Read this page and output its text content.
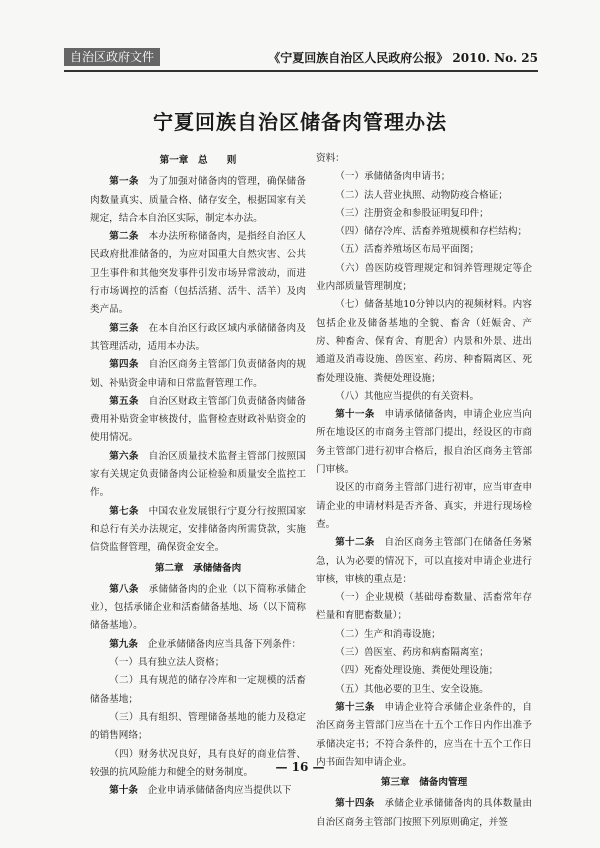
自治区政府文件	《宁夏回族自治区人民政府公报》 2010. No. 25
宁夏回族自治区储备肉管理办法

第一章　总　　则

第一条　 为了加强对储备肉的管理，确保储备肉数量真实、质量合格、储存安全，根据国家有关规定，结合本自治区实际，制定本办法。

第二条　 本办法所称储备肉，是指经自治区人民政府批准储备的，为应对国重大自然灾害、公共卫生事件和其他突发事件引发市场异常波动，而进行市场调控的活畜（包括活猪、活牛、活羊）及肉类产品。

第三条　 在本自治区行政区域内承储储备肉及其管理活动，适用本办法。

第四条　 自治区商务主管部门负责储备肉的规划、补贴资金申请和日常监督管理工作。

第五条　 自治区财政主管部门负责储备肉储备费用补贴资金审核拨付，监督检查财政补贴资金的使用情况。

第六条　 自治区质量技术监督主管部门按照国家有关规定负责储备肉公证检验和质量安全监控工作。

第七条　 中国农业发展银行宁夏分行按照国家和总行有关办法规定，安排储备肉所需贷款，实施信贷监督管理，确保资金安全。

第二章　承储储备肉

第八条　 承储储备肉的企业（以下简称承储企业），包括承储企业和活畜储备基地、场（以下简称储备基地）。

第九条　 企业承储储备肉应当具备下列条件：

（一）具有独立法人资格；

（二）具有规范的储存冷库和一定规模的活畜储备基地；

（三）具有组织、管理储备基地的能力及稳定的销售网络；

（四）财务状况良好，具有良好的商业信誉、较强的抗风险能力和健全的财务制度。

第十条　 企业申请承储储备肉应当提供以下

资料：

（一）承储储备肉申请书；

（二）法人营业执照、动物防疫合格证；

（三）注册资金和参股证明复印件；

（四）储存冷库、活畜养殖规模和存栏结构；

（五）活畜养殖场区布局平面图；

（六）兽医防疫管理规定和饲养管理规定等企业内部质量管理制度；

（七）储备基地10分钟以内的视频材料。内容包括企业及储备基地的全貌、畜舍（妊娠舍、产房、种畜舍、保育舍、育肥舍）内景和外景、进出通道及消毒设施、兽医室、药房、种畜隔离区、死畜处理设施、粪便处理设施；

（八）其他应当提供的有关资料。

第十一条　 申请承储储备肉，申请企业应当向所在地设区的市商务主管部门提出，经设区的市商务主管部门进行初审合格后，报自治区商务主管部门审核。

设区的市商务主管部门进行初审，应当审查申请企业的申请材料是否齐备、真实，并进行现场检查。

第十二条　 自治区商务主管部门在储备任务紧急，认为必要的情况下，可以直接对申请企业进行审核，审核的重点是：

（一）企业规模（基础母畜数量、活畜常年存栏量和育肥畜数量）；

（二）生产和消毒设施；

（三）兽医室、药房和病畜隔离室；

（四）死畜处理设施、粪便处理设施；

（五）其他必要的卫生、安全设施。

第十三条　 申请企业符合承储企业条件的，自治区商务主管部门应当在十五个工作日内作出准予承储决定书；不符合条件的，应当在十五个工作日内书面告知申请企业。

第三章　储备肉管理

第十四条　 承储企业承储储备肉的具体数量由自治区商务主管部门按照下列原则确定，并签

— 16 —
